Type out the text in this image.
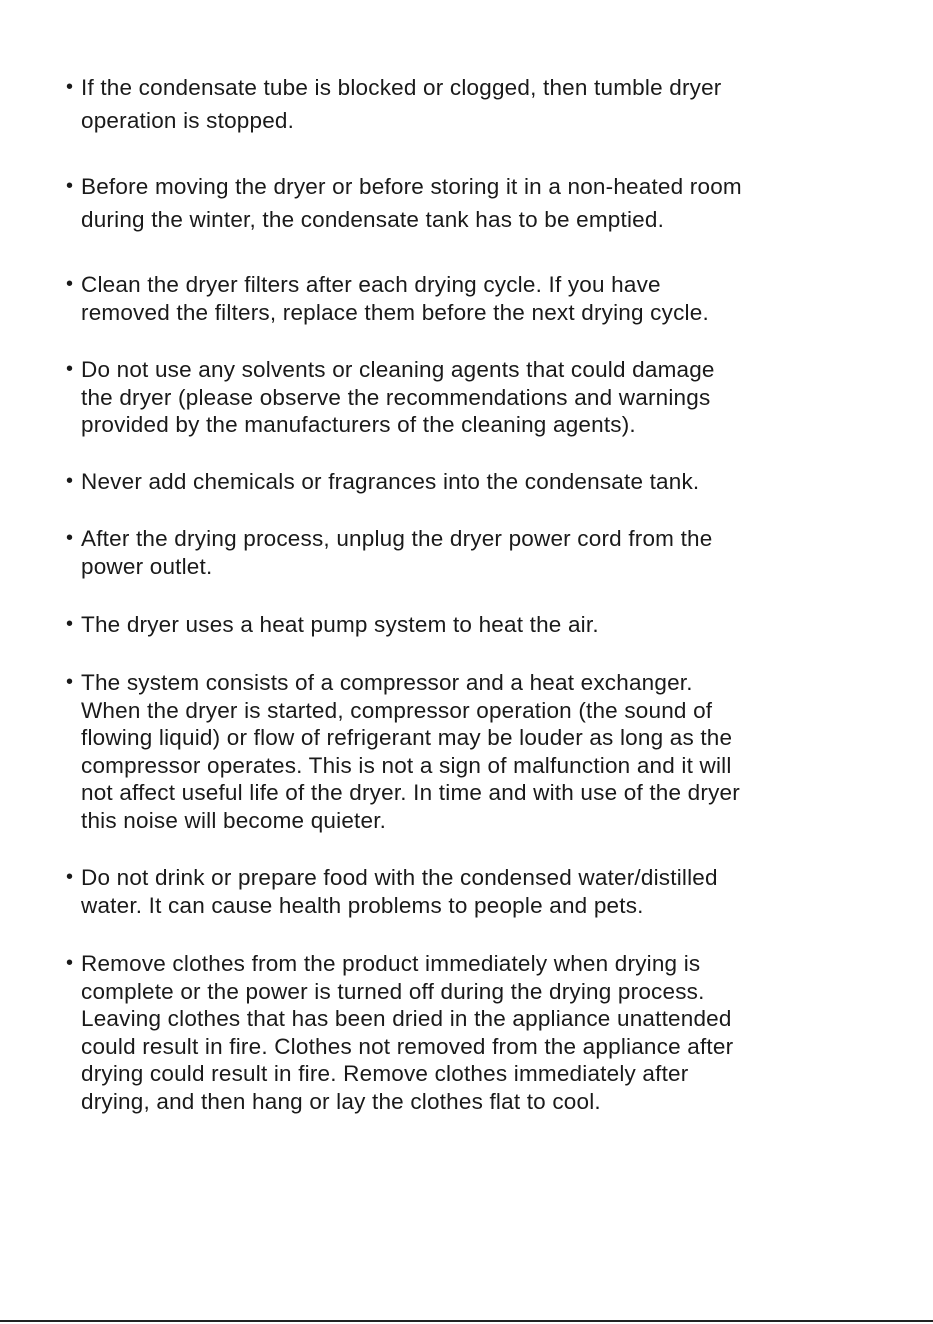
• If the condensate tube is blocked or clogged, then tumble dryer
operation is stopped.
• Before moving the dryer or before storing it in a non-heated room
during the winter, the condensate tank has to be emptied.
• Clean the dryer filters after each drying cycle. If you have
removed the filters, replace them before the next drying cycle.
• Do not use any solvents or cleaning agents that could damage
the dryer (please observe the recommendations and warnings
provided by the manufacturers of the cleaning agents).
• Never add chemicals or fragrances into the condensate tank.
• After the drying process, unplug the dryer power cord from the
power outlet.
• The dryer uses a heat pump system to heat the air.
• The system consists of a compressor and a heat exchanger.
When the dryer is started, compressor operation (the sound of
flowing liquid) or flow of refrigerant may be louder as long as the
compressor operates. This is not a sign of malfunction and it will
not affect useful life of the dryer. In time and with use of the dryer
this noise will become quieter.
• Do not drink or prepare food with the condensed water/distilled
water. It can cause health problems to people and pets.
• Remove clothes from the product immediately when drying is
complete or the power is turned off during the drying process.
Leaving clothes that has been dried in the appliance unattended
could result in fire. Clothes not removed from the appliance after
drying could result in fire. Remove clothes immediately after
drying, and then hang or lay the clothes flat to cool.
